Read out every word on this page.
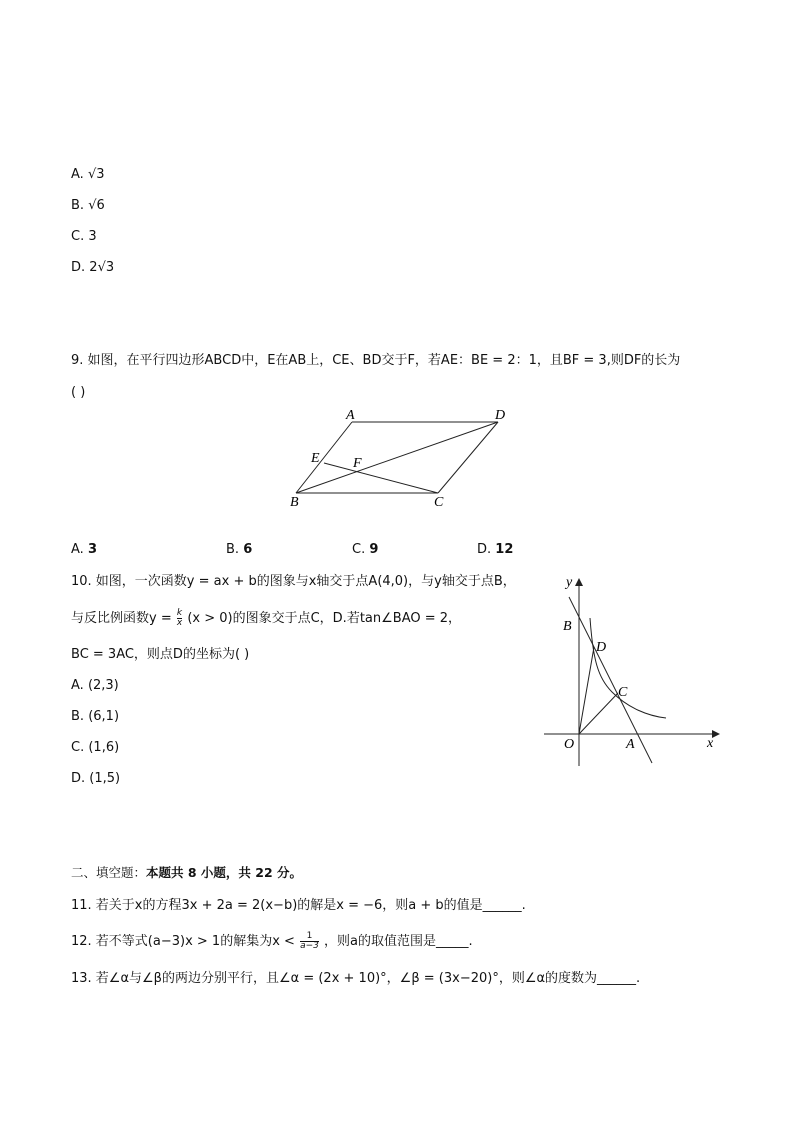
A. √3
B. √6
C. 3
D. 2√3
9. 如图，在平行四边形ABCD中，E在AB上，CE、BD交于F，若AE：BE = 2：1，且BF = 3,则DF的长为
( )
A	D
E F
B	C
A. 3	B. 6	C. 9	D. 12
10. 如图，一次函数y = ax + b的图象与x轴交于点A(4,0)，与y轴交于点B，
与反比例函数$y = \frac{k}{x} (x > 0)$的图象交于点C，D.若tan∠BAO = 2，
BC = 3AC，则点D的坐标为( )
A. (2,3)
B. (6,1)
C. (1,6)
D. (1,5)
y
x
B
D
C
O	A
二、填空题：本题共 8 小题，共 22 分。
11. 若关于x的方程3x + 2a = 2(x−b)的解是x = −6，则a + b的值是______.
12. 若不等式(a−3)x > 1的解集为$x < \frac{1}{a-3}$ ，则a的取值范围是_____.
13. 若∠α与∠β的两边分别平行，且∠α = (2x + 10)°，∠β = (3x−20)°，则∠α的度数为______.
